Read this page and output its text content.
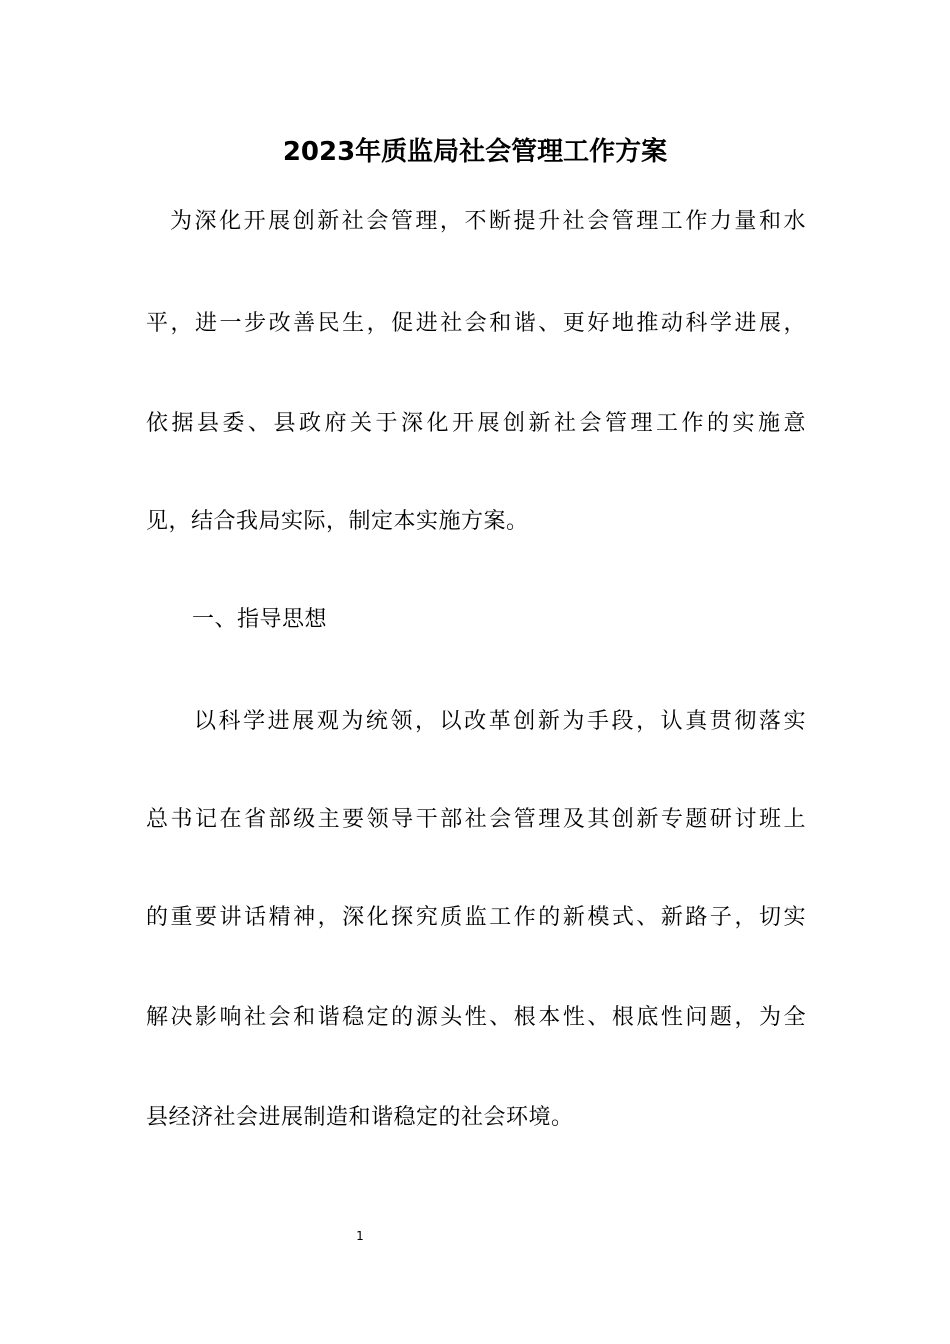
2023年质监局社会管理工作方案
为深化开展创新社会管理，不断提升社会管理工作力量和水
平，进一步改善民生，促进社会和谐、更好地推动科学进展，
依据县委、县政府关于深化开展创新社会管理工作的实施意
见，结合我局实际，制定本实施方案。
一、指导思想
以科学进展观为统领，以改革创新为手段，认真贯彻落实
总书记在省部级主要领导干部社会管理及其创新专题研讨班上
的重要讲话精神，深化探究质监工作的新模式、新路子，切实
解决影响社会和谐稳定的源头性、根本性、根底性问题，为全
县经济社会进展制造和谐稳定的社会环境。
1
